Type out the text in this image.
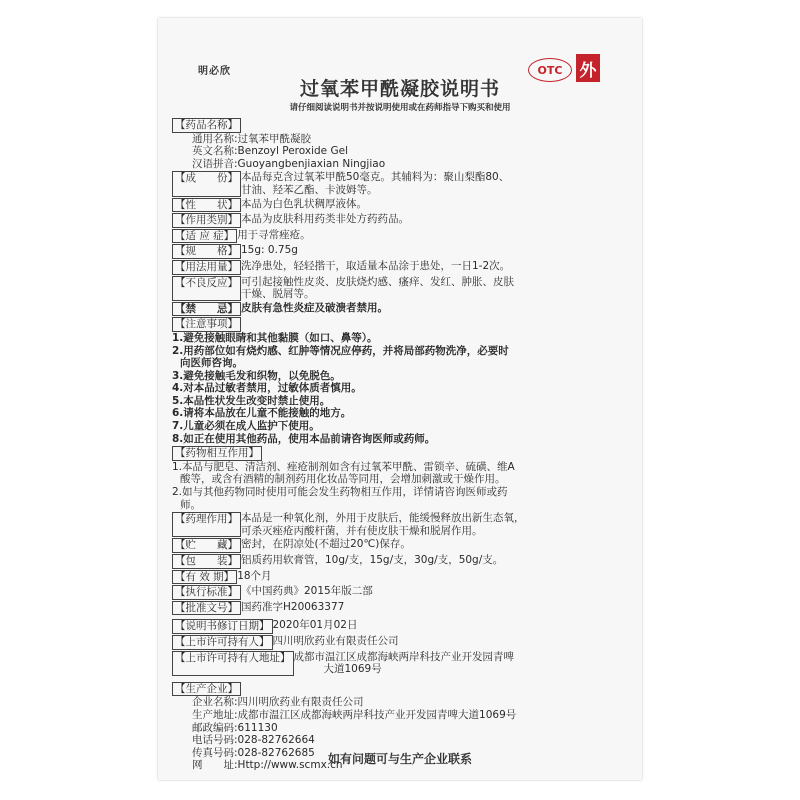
明必欣	OTC	外
过氧苯甲酰凝胶说明书
请仔细阅读说明书并按说明使用或在药师指导下购买和使用
【药品名称】
通用名称: 过氧苯甲酰凝胶
英文名称: Benzoyl Peroxide Gel
汉语拼音: Guoyangbenjiaxian Ningjiao
【成　　份】 本品每克含过氧苯甲酰50毫克。其辅料为：聚山梨酯80、
甘油、羟苯乙酯、卡波姆等。
【性　　状】 本品为白色乳状稠厚液体。
【作用类别】 本品为皮肤科用药类非处方药药品。
【适 应 症】 用于寻常痤疮。
【规　　格】 15g: 0.75g
【用法用量】 洗净患处，轻轻揩干，取适量本品涂于患处，一日1-2次。
【不良反应】 可引起接触性皮炎、皮肤烧灼感、瘙痒、发红、肿胀、皮肤
干燥、脱屑等。
【禁　　忌】 皮肤有急性炎症及破溃者禁用。
【注意事项】
1.避免接触眼睛和其他黏膜（如口、鼻等）。
2.用药部位如有烧灼感、红肿等情况应停药，并将局部药物洗净，必要时
向医师咨询。
3.避免接触毛发和织物，以免脱色。
4.对本品过敏者禁用，过敏体质者慎用。
5.本品性状发生改变时禁止使用。
6.请将本品放在儿童不能接触的地方。
7.儿童必须在成人监护下使用。
8.如正在使用其他药品，使用本品前请咨询医师或药师。
【药物相互作用】
1.本品与肥皂、清洁剂、痤疮制剂如含有过氧苯甲酰、雷锁辛、硫磺、维A
酸等，或含有酒精的制剂药用化妆品等同用，会增加刺激或干燥作用。
2.如与其他药物同时使用可能会发生药物相互作用，详情请咨询医师或药
师。
【药理作用】 本品是一种氧化剂，外用于皮肤后，能缓慢释放出新生态氧，
可杀灭痤疮丙酸杆菌，并有使皮肤干燥和脱屑作用。
【贮　　藏】 密封，在阴凉处(不超过20℃)保存。
【包　　装】 铝质药用软膏管，10g/支，15g/支，30g/支，50g/支。
【有 效 期】 18个月
【执行标准】 《中国药典》2015年版二部
【批准文号】 国药准字H20063377
【说明书修订日期】 2020年01月02日
【上市许可持有人】 四川明欣药业有限责任公司
【上市许可持有人地址】 成都市温江区成都海峡两岸科技产业开发园青啤
大道1069号
【生产企业】
企业名称: 四川明欣药业有限责任公司
生产地址: 成都市温江区成都海峡两岸科技产业开发园青啤大道1069号
邮政编码: 611130
电话号码: 028-82762664
传真号码: 028-82762685
网　　址: Http://www.scmx.cn
如有问题可与生产企业联系
